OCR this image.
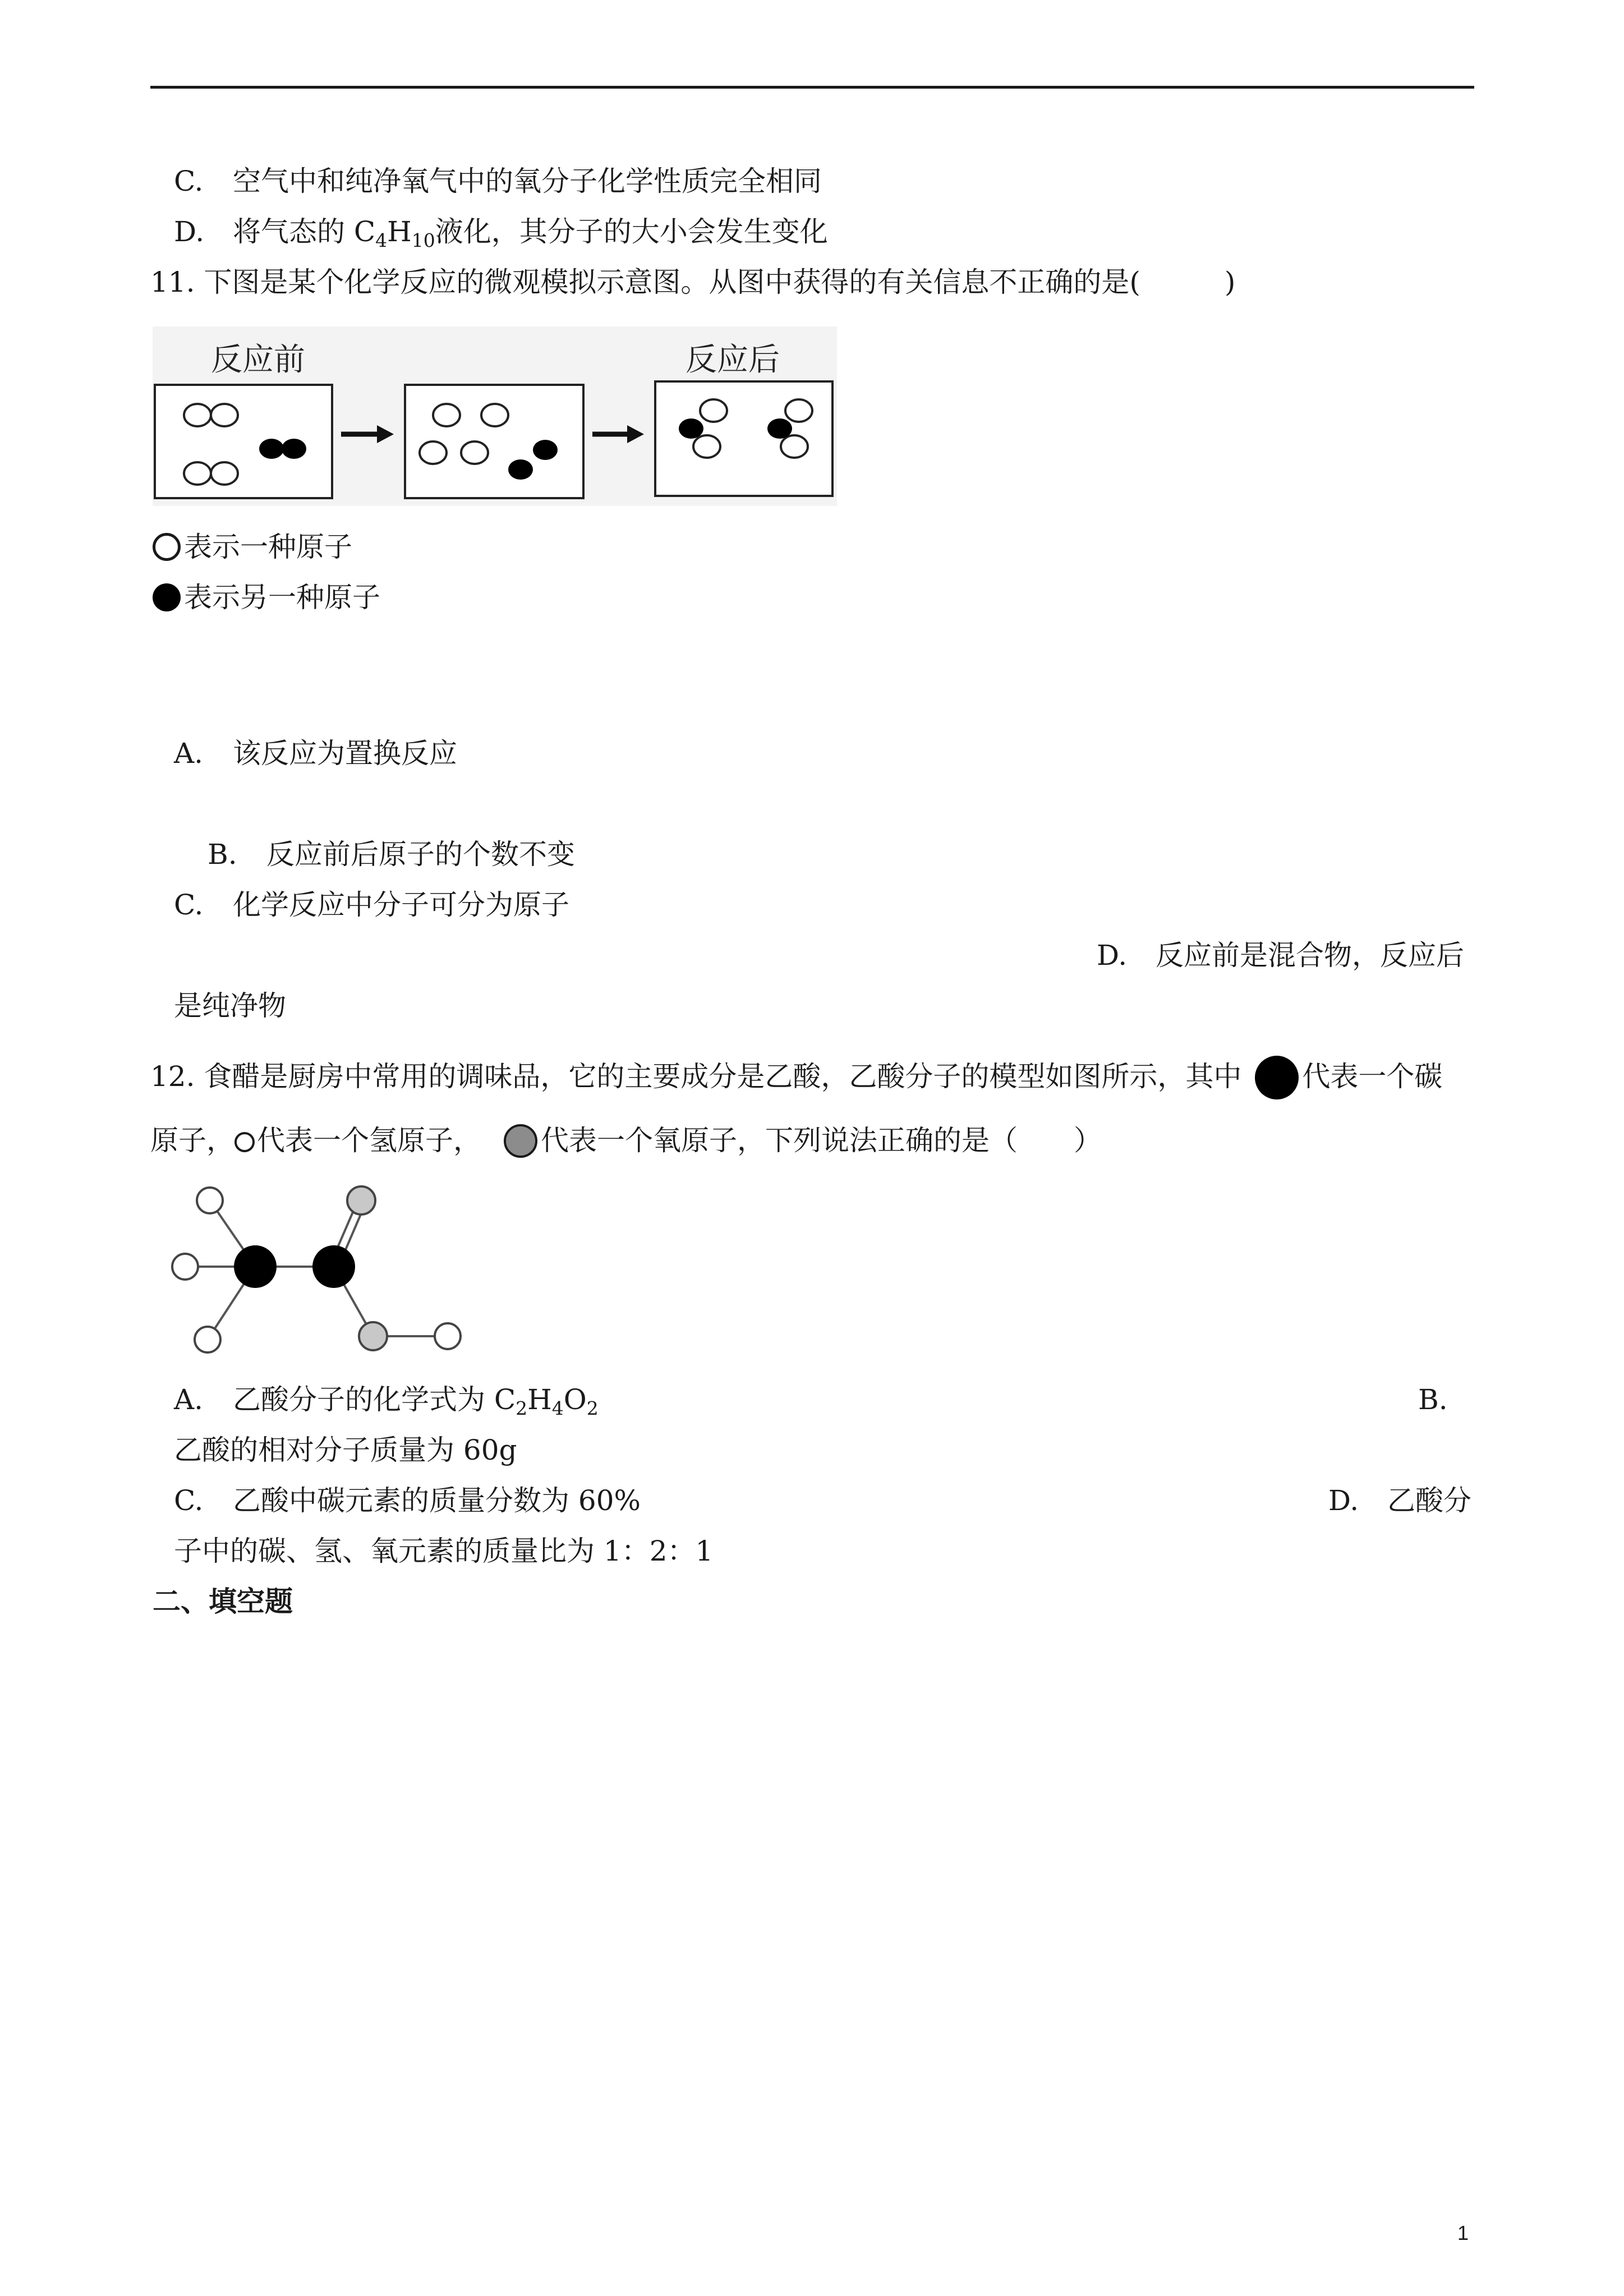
C. 空气中和纯净氧气中的氧分子化学性质完全相同
D. 将气态的 $C_4H_{10}$液化，其分子的大小会发生变化
11. 下图是某个化学反应的微观模拟示意图。从图中获得的有关信息不正确的是(　　　)
反应前	反应后
表示一种原子
表示另一种原子
A. 该反应为置换反应
B. 反应前后原子的个数不变
C. 化学反应中分子可分为原子
D. 反应前是混合物，反应后
是纯净物
12. 食醋是厨房中常用的调味品，它的主要成分是乙酸，乙酸分子的模型如图所示，其中 代表一个碳
原子， 代表一个氢原子， 代表一个氧原子，下列说法正确的是（　　）
A. 乙酸分子的化学式为 $C_2H_4O_2$	B.
乙酸的相对分子质量为 60g
C. 乙酸中碳元素的质量分数为 60%	D. 乙酸分
子中的碳、氢、氧元素的质量比为 1：2：1
二、填空题
1
